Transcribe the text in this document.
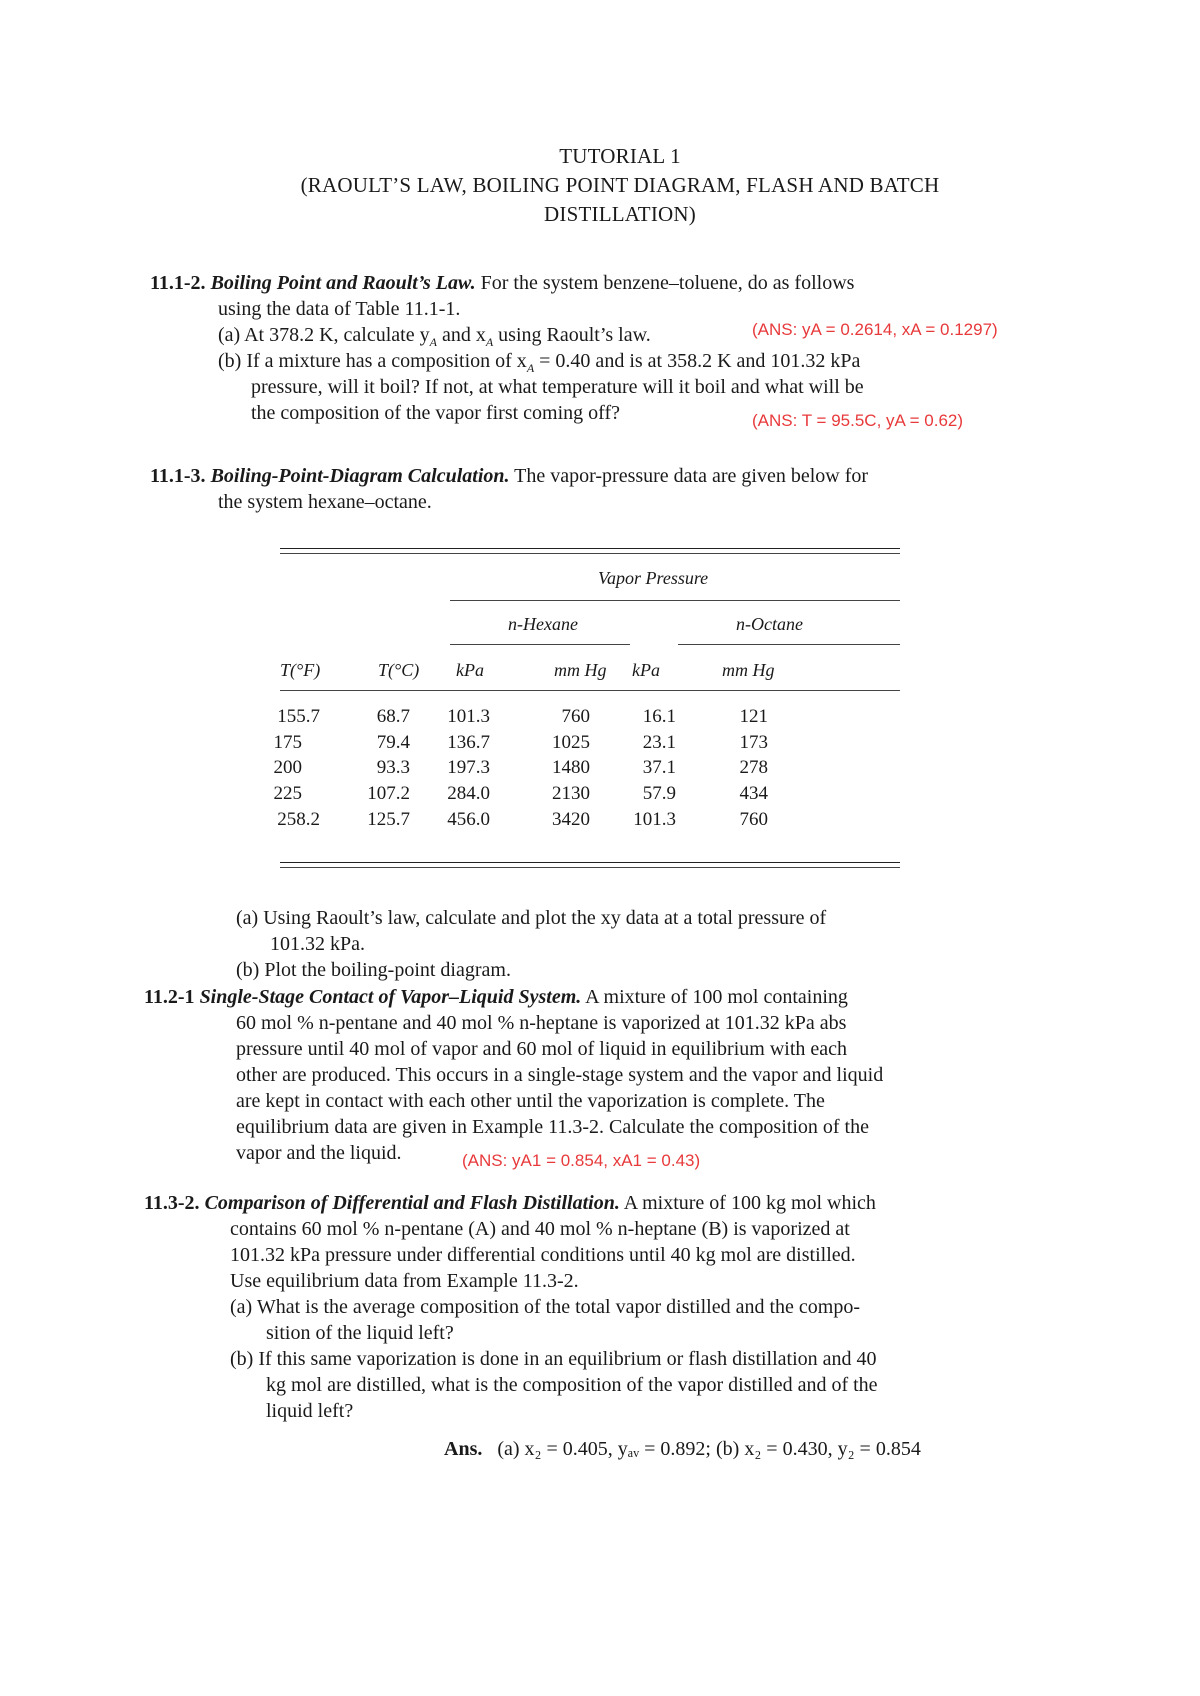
TUTORIAL 1
(RAOULT’S LAW, BOILING POINT DIAGRAM, FLASH AND BATCH
DISTILLATION)
11.1-2. Boiling Point and Raoult’s Law. For the system benzene–toluene, do as follows
using the data of Table 11.1-1.
(a) At 378.2 K, calculate $y_A$ and $x_A$ using Raoult’s law.	(ANS: yA = 0.2614, xA = 0.1297)
(b) If a mixture has a composition of $x_A = 0.40$ and is at 358.2 K and 101.32 kPa
pressure, will it boil? If not, at what temperature will it boil and what will be
the composition of the vapor first coming off?	(ANS: T = 95.5C, yA = 0.62)
11.1-3. Boiling-Point-Diagram Calculation. The vapor-pressure data are given below for
the system hexane–octane.
Vapor Pressure
n-Hexane	n-Octane
T(°F)	T(°C) kPa	mm Hg kPa	mm Hg
155.7	68.7	101.3	760	16.1	121
175	79.4	136.7	1025	23.1	173
200	93.3	197.3	1480	37.1	278
225	107.2	284.0	2130	57.9	434
258.2	125.7	456.0	3420	101.3	760
(a) Using Raoult’s law, calculate and plot the xy data at a total pressure of
101.32 kPa.
(b) Plot the boiling-point diagram.
11.2-1 Single-Stage Contact of Vapor–Liquid System. A mixture of 100 mol containing
60 mol % n-pentane and 40 mol % n-heptane is vaporized at 101.32 kPa abs
pressure until 40 mol of vapor and 60 mol of liquid in equilibrium with each
other are produced. This occurs in a single-stage system and the vapor and liquid
are kept in contact with each other until the vaporization is complete. The
equilibrium data are given in Example 11.3-2. Calculate the composition of the
vapor and the liquid.	(ANS: yA1 = 0.854, xA1 = 0.43)
11.3-2. Comparison of Differential and Flash Distillation. A mixture of 100 kg mol which
contains 60 mol % n-pentane (A) and 40 mol % n-heptane (B) is vaporized at
101.32 kPa pressure under differential conditions until 40 kg mol are distilled.
Use equilibrium data from Example 11.3-2.
(a) What is the average composition of the total vapor distilled and the compo-
sition of the liquid left?
(b) If this same vaporization is done in an equilibrium or flash distillation and 40
kg mol are distilled, what is the composition of the vapor distilled and of the
liquid left?
Ans. (a) x₂ = 0.405, yₐᵥ = 0.892; (b) x₂ = 0.430, y₂ = 0.854
